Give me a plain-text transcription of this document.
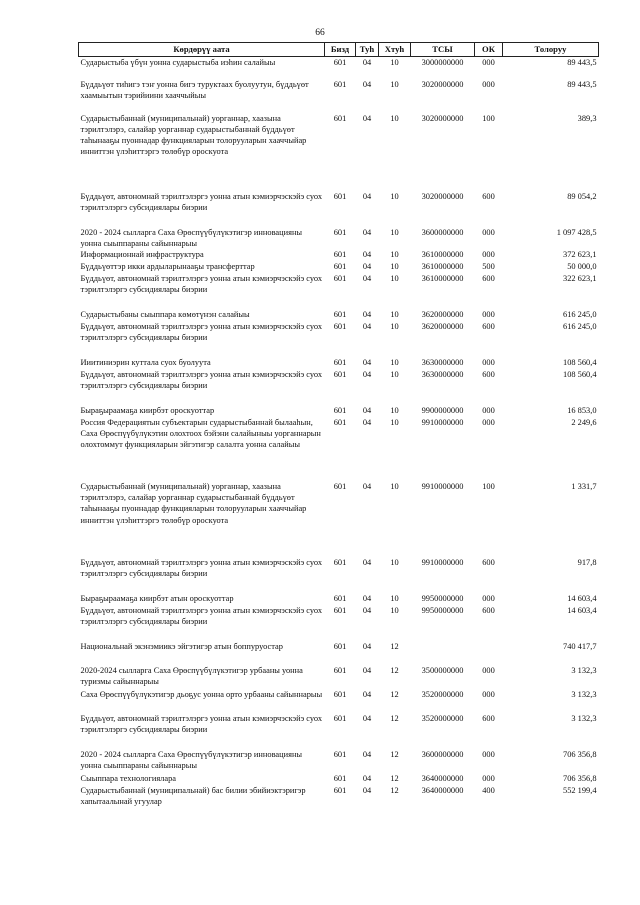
66
Көрдөрүү аата	Бизд	Туһ	Хтуһ	ТСЫ	ОК	Толоруу
Сударыстыба үбүн уонна сударыстыба иэһин салайыы	601	04	10	3000000000	000	89 443,5
Бүддьүөт тиһигэ тэҥ уонна бигэ туруктаах буолуутун, бүддьүөт хаамыытын тэрийиини хааччыйыы	601	04	10	3020000000	000	89 443,5
Сударыстыбаннай (муниципальнай) уорганнар, хаазына тэрилтэлэрэ, салайар уорганнар сударыстыбаннай бүддьүөт таһынааҕы пуоннадар функцияларын толорууларын хааччыйар инниттэн үлэһиттэргэ төлөбүр ороскуота	601	04	10	3020000000	100	389,3
Бүддьүөт, автономнай тэрилтэлэргэ уонна атын кэмиэрчэскэйэ суох тэрилтэлэргэ субсидиялары биэрии	601	04	10	3020000000	600	89 054,2
2020 - 2024 сылларга Саха Өрөспүүбүлүкэтигэр инновацияны уонна сыыппараны сайыннарыы	601	04	10	3600000000	000	1 097 428,5
Информационнай инфраструктура	601	04	10	3610000000	000	372 623,1
Бүддьүөттэр икки ардыларынааҕы трансферттар	601	04	10	3610000000	500	50 000,0
Бүддьүөт, автономнай тэрилтэлэргэ уонна атын кэмиэрчэскэйэ суох тэрилтэлэргэ субсидиялары биэрии	601	04	10	3610000000	600	322 623,1
Сударыстыбаны сыыппара көмөтүнэн салайыы	601	04	10	3620000000	000	616 245,0
Бүддьүөт, автономнай тэрилтэлэргэ уонна атын кэмиэрчэскэйэ суох тэрилтэлэргэ субсидиялары биэрии	601	04	10	3620000000	600	616 245,0
Ииитиниэрин куттала суох буолуута	601	04	10	3630000000	000	108 560,4
Бүддьүөт, автономнай тэрилтэлэргэ уонна атын кэмиэрчэскэйэ суох тэрилтэлэргэ субсидиялары биэрии	601	04	10	3630000000	600	108 560,4
Быраҕыраамаҕа киирбэт ороскуоттар	601	04	10	9900000000	000	16 853,0
Россия Федерациятын субъектарын сударыстыбаннай былааһын, Саха Өрөспүүбүлүкэтин олохтоох бэйэни салайыныы уорганнарын олохтоммут функцияларын эйгэтигэр салалта уонна салайыы	601	04	10	9910000000	000	2 249,6
Сударыстыбаннай (муниципальнай) уорганнар, хаазына тэрилтэлэрэ, салайар уорганнар сударыстыбаннай бүддьүөт таһынааҕы пуоннадар функцияларын толорууларын хааччыйар инниттэн үлэһиттэргэ төлөбүр ороскуота	601	04	10	9910000000	100	1 331,7
Бүддьүөт, автономнай тэрилтэлэргэ уонна атын кэмиэрчэскэйэ суох тэрилтэлэргэ субсидиялары биэрии	601	04	10	9910000000	600	917,8
Быраҕыраамаҕа киирбэт атын ороскуоттар	601	04	10	9950000000	000	14 603,4
Бүддьүөт, автономнай тэрилтэлэргэ уонна атын кэмиэрчэскэйэ суох тэрилтэлэргэ субсидиялары биэрии	601	04	10	9950000000	600	14 603,4
Национальнай экэнэмиикэ эйгэтигэр атын боппуруостар	601	04	12			740 417,7
2020-2024 сылларга Саха Өрөспүүбүлүкэтигэр урбааны уонна туризмы сайыннарыы	601	04	12	3500000000	000	3 132,3
Саха Өрөспүүбүлүкэтигэр дьоҕус уонна орто урбааны сайыннарыы	601	04	12	3520000000	000	3 132,3
Бүддьүөт, автономнай тэрилтэлэргэ уонна атын кэмиэрчэскэйэ суох тэрилтэлэргэ субсидиялары биэрии	601	04	12	3520000000	600	3 132,3
2020 - 2024 сылларга Саха Өрөспүүбүлүкэтигэр инновацияны уонна сыыппараны сайыннарыы	601	04	12	3600000000	000	706 356,8
Сыыппара технологиялара	601	04	12	3640000000	000	706 356,8
Сударыстыбаннай (муниципальнай) бас билии эбийиэктэригэр хапытаалынай угуулар	601	04	12	3640000000	400	552 199,4
